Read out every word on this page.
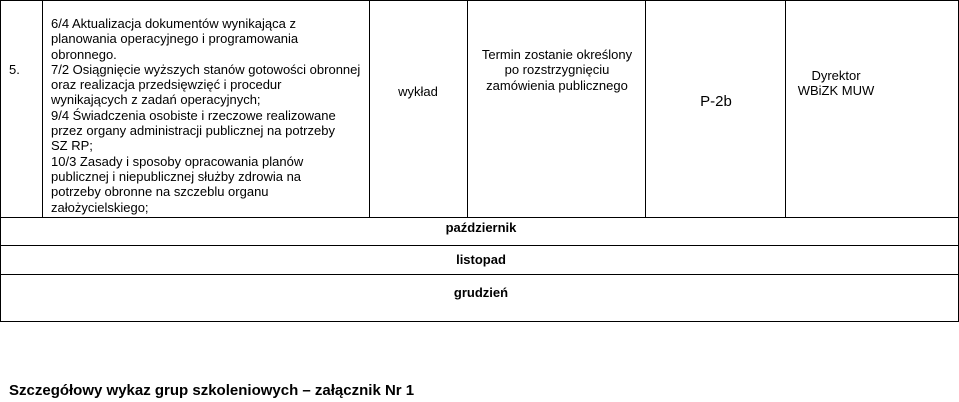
5.
6/4 Aktualizacja dokumentów wynikająca z
planowania operacyjnego i programowania
obronnego.
7/2 Osiągnięcie wyższych stanów gotowości obronnej
oraz realizacja przedsięwzięć i procedur
wynikających z zadań operacyjnych;
9/4 Świadczenia osobiste i rzeczowe realizowane
przez organy administracji publicznej na potrzeby
SZ RP;
10/3 Zasady i sposoby opracowania planów
publicznej i niepublicznej służby zdrowia na
potrzeby obronne na szczeblu organu
założycielskiego;
wykład
Termin zostanie określony
po rozstrzygnięciu
zamówienia publicznego
P-2b
Dyrektor
WBiZK MUW
październik
listopad
grudzień
Szczegółowy wykaz grup szkoleniowych – załącznik Nr 1
